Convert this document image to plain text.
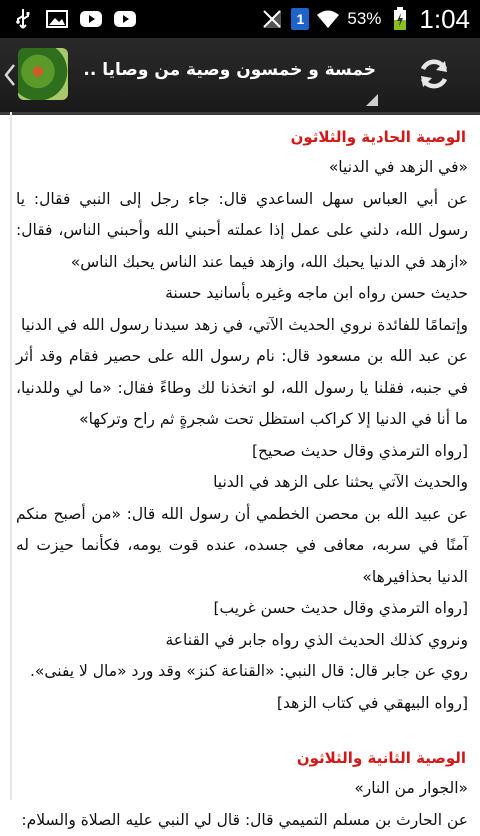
1	53% 1:04
خمسة و خمسون وصية من وصايا ..
الوصية الحادية والثلاثون
«في الزهد في الدنيا»
عن أبي العباس سهل الساعدي قال: جاء رجل إلى النبي فقال: يا رسول الله، دلني على عمل إذا عملته أحبني الله وأحبني الناس، فقال: «ازهد في الدنيا يحبك الله، وازهد فيما عند الناس يحبك الناس»
حديث حسن رواه ابن ماجه وغيره بأسانيد حسنة
وإتمامًا للفائدة نروي الحديث الآتي، في زهد سيدنا رسول الله في الدنيا
عن عبد الله بن مسعود قال: نام رسول الله على حصير فقام وقد أثر في جنبه، فقلنا يا رسول الله، لو اتخذنا لك وطاءً فقال: «ما لي وللدنيا، ما أنا في الدنيا إلا كراكب استظل تحت شجرةٍ ثم راح وتركها»
[رواه الترمذي وقال حديث صحيح]
والحديث الآتي يحثنا على الزهد في الدنيا
عن عبيد الله بن محصن الخطمي أن رسول الله قال: «من أصبح منكم آمنًا في سربه، معافى في جسده، عنده قوت يومه، فكأنما حيزت له الدنيا بحذافيرها»
[رواه الترمذي وقال حديث حسن غريب]
ونروي كذلك الحديث الذي رواه جابر في القناعة
روي عن جابر قال: قال النبي: «القناعة كنز» وقد ورد «مال لا يفنى».
[رواه البيهقي في كتاب الزهد]
الوصية الثانية والثلاثون
«الجوار من النار»
عن الحارث بن مسلم التميمي قال: قال لي النبي عليه الصلاة والسلام:
